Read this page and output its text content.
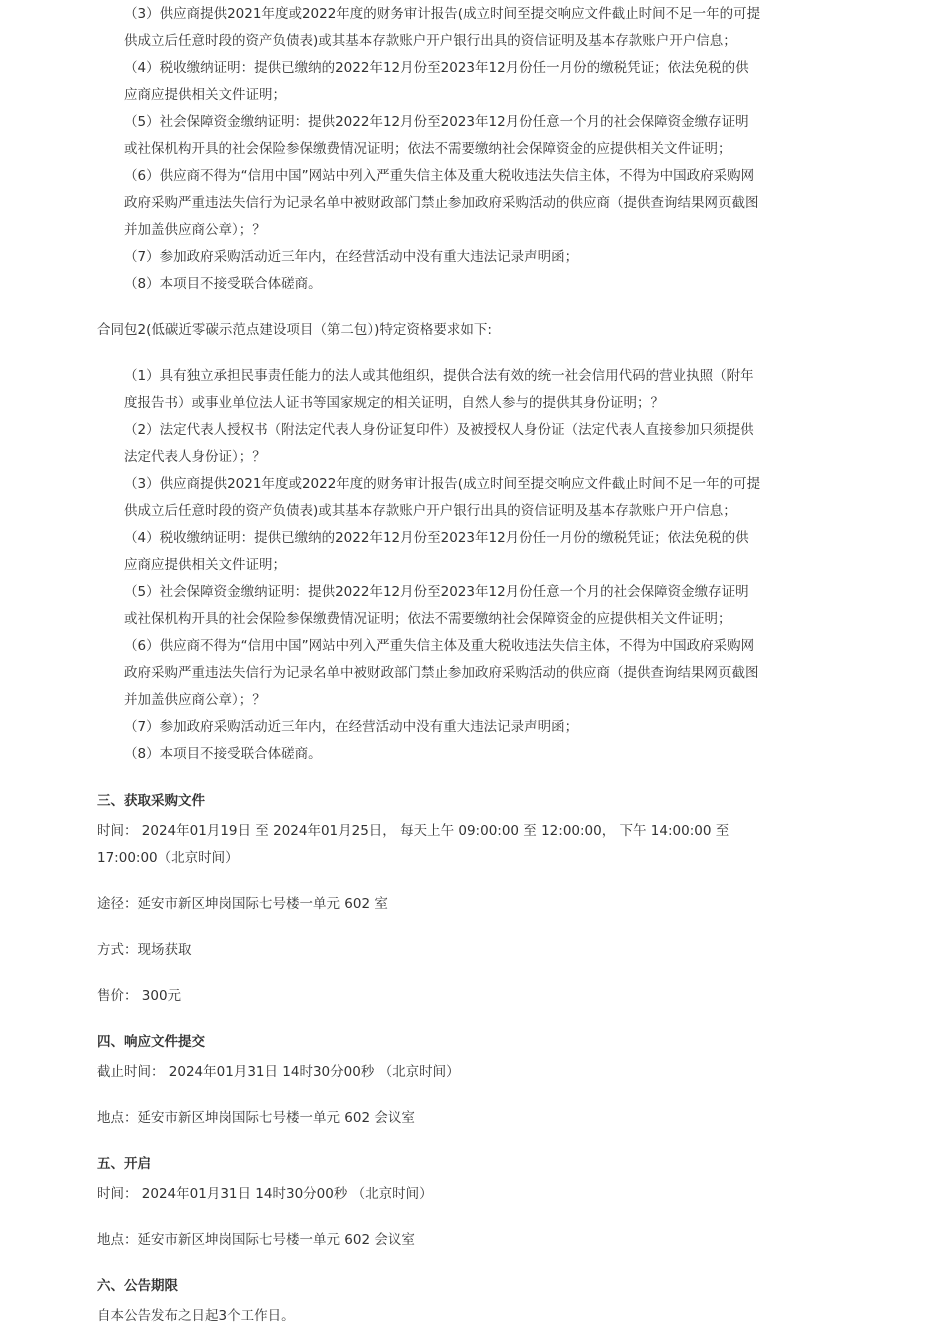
（3）供应商提供2021年度或2022年度的财务审计报告(成立时间至提交响应文件截止时间不足一年的可提供成立后任意时段的资产负债表)或其基本存款账户开户银行出具的资信证明及基本存款账户开户信息；

（4）税收缴纳证明：提供已缴纳的2022年12月份至2023年12月份任一月份的缴税凭证；依法免税的供应商应提供相关文件证明；

（5）社会保障资金缴纳证明：提供2022年12月份至2023年12月份任意一个月的社会保障资金缴存证明或社保机构开具的社会保险参保缴费情况证明；依法不需要缴纳社会保障资金的应提供相关文件证明；

（6）供应商不得为“信用中国”网站中列入严重失信主体及重大税收违法失信主体，不得为中国政府采购网政府采购严重违法失信行为记录名单中被财政部门禁止参加政府采购活动的供应商（提供查询结果网页截图并加盖供应商公章）；？

（7）参加政府采购活动近三年内，在经营活动中没有重大违法记录声明函；

（8）本项目不接受联合体磋商。

合同包2(低碳近零碳示范点建设项目（第二包）)特定资格要求如下:

（1）具有独立承担民事责任能力的法人或其他组织，提供合法有效的统一社会信用代码的营业执照（附年度报告书）或事业单位法人证书等国家规定的相关证明，自然人参与的提供其身份证明；？

（2）法定代表人授权书（附法定代表人身份证复印件）及被授权人身份证（法定代表人直接参加只须提供法定代表人身份证）；？

（3）供应商提供2021年度或2022年度的财务审计报告(成立时间至提交响应文件截止时间不足一年的可提供成立后任意时段的资产负债表)或其基本存款账户开户银行出具的资信证明及基本存款账户开户信息；

（4）税收缴纳证明：提供已缴纳的2022年12月份至2023年12月份任一月份的缴税凭证；依法免税的供应商应提供相关文件证明；

（5）社会保障资金缴纳证明：提供2022年12月份至2023年12月份任意一个月的社会保障资金缴存证明或社保机构开具的社会保险参保缴费情况证明；依法不需要缴纳社会保障资金的应提供相关文件证明；

（6）供应商不得为“信用中国”网站中列入严重失信主体及重大税收违法失信主体，不得为中国政府采购网政府采购严重违法失信行为记录名单中被财政部门禁止参加政府采购活动的供应商（提供查询结果网页截图并加盖供应商公章）；？

（7）参加政府采购活动近三年内，在经营活动中没有重大违法记录声明函；

（8）本项目不接受联合体磋商。

三、获取采购文件

时间： 2024年01月19日 至 2024年01月25日， 每天上午 09:00:00 至 12:00:00， 下午 14:00:00 至 17:00:00（北京时间）

途径：延安市新区坤岗国际七号楼一单元 602 室

方式：现场获取

售价： 300元

四、响应文件提交

截止时间： 2024年01月31日 14时30分00秒 （北京时间）

地点：延安市新区坤岗国际七号楼一单元 602 会议室

五、开启

时间： 2024年01月31日 14时30分00秒 （北京时间）

地点：延安市新区坤岗国际七号楼一单元 602 会议室

六、公告期限

自本公告发布之日起3个工作日。
